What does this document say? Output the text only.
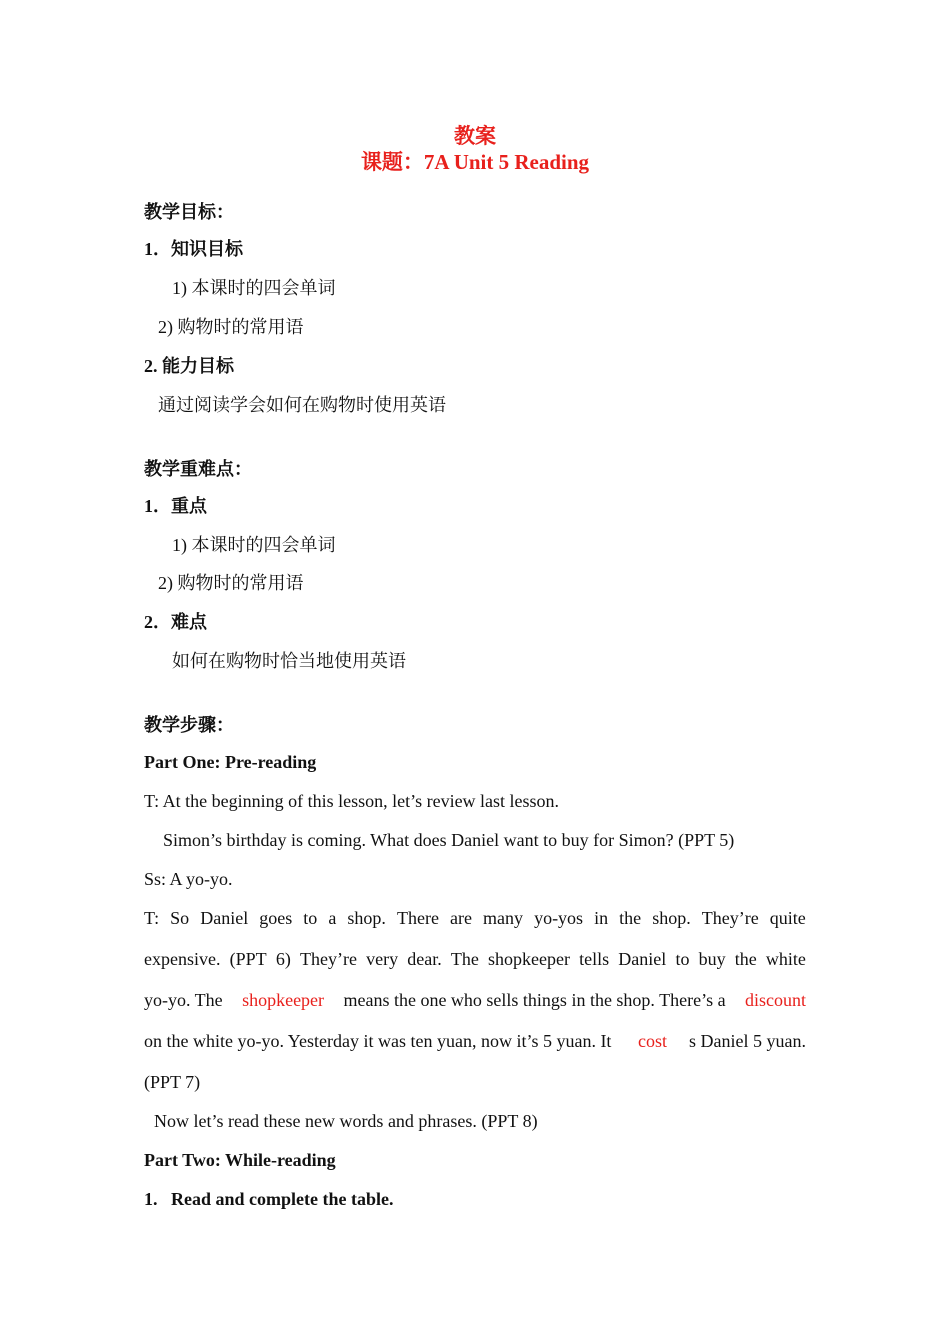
教案
课题：7A Unit 5 Reading
教学目标：
1．知识目标
1) 本课时的四会单词
2) 购物时的常用语
2. 能力目标
通过阅读学会如何在购物时使用英语
教学重难点：
1．重点
1) 本课时的四会单词
2) 购物时的常用语
2．难点
如何在购物时恰当地使用英语
教学步骤：
Part One: Pre-reading
T: At the beginning of this lesson, let’s review last lesson.
Simon’s birthday is coming. What does Daniel want to buy for Simon? (PPT 5)
Ss: A yo-yo.
T: So Daniel goes to a shop. There are many yo-yos in the shop. They’re quite
expensive. (PPT 6) They’re very dear. The shopkeeper tells Daniel to buy the white
yo-yo. The shopkeeper means the one who sells things in the shop. There’s a discount
on the white yo-yo. Yesterday it was ten yuan, now it’s 5 yuan. It cost s Daniel 5 yuan.
(PPT 7)
Now let’s read these new words and phrases. (PPT 8)
Part Two: While-reading
1.   Read and complete the table.
